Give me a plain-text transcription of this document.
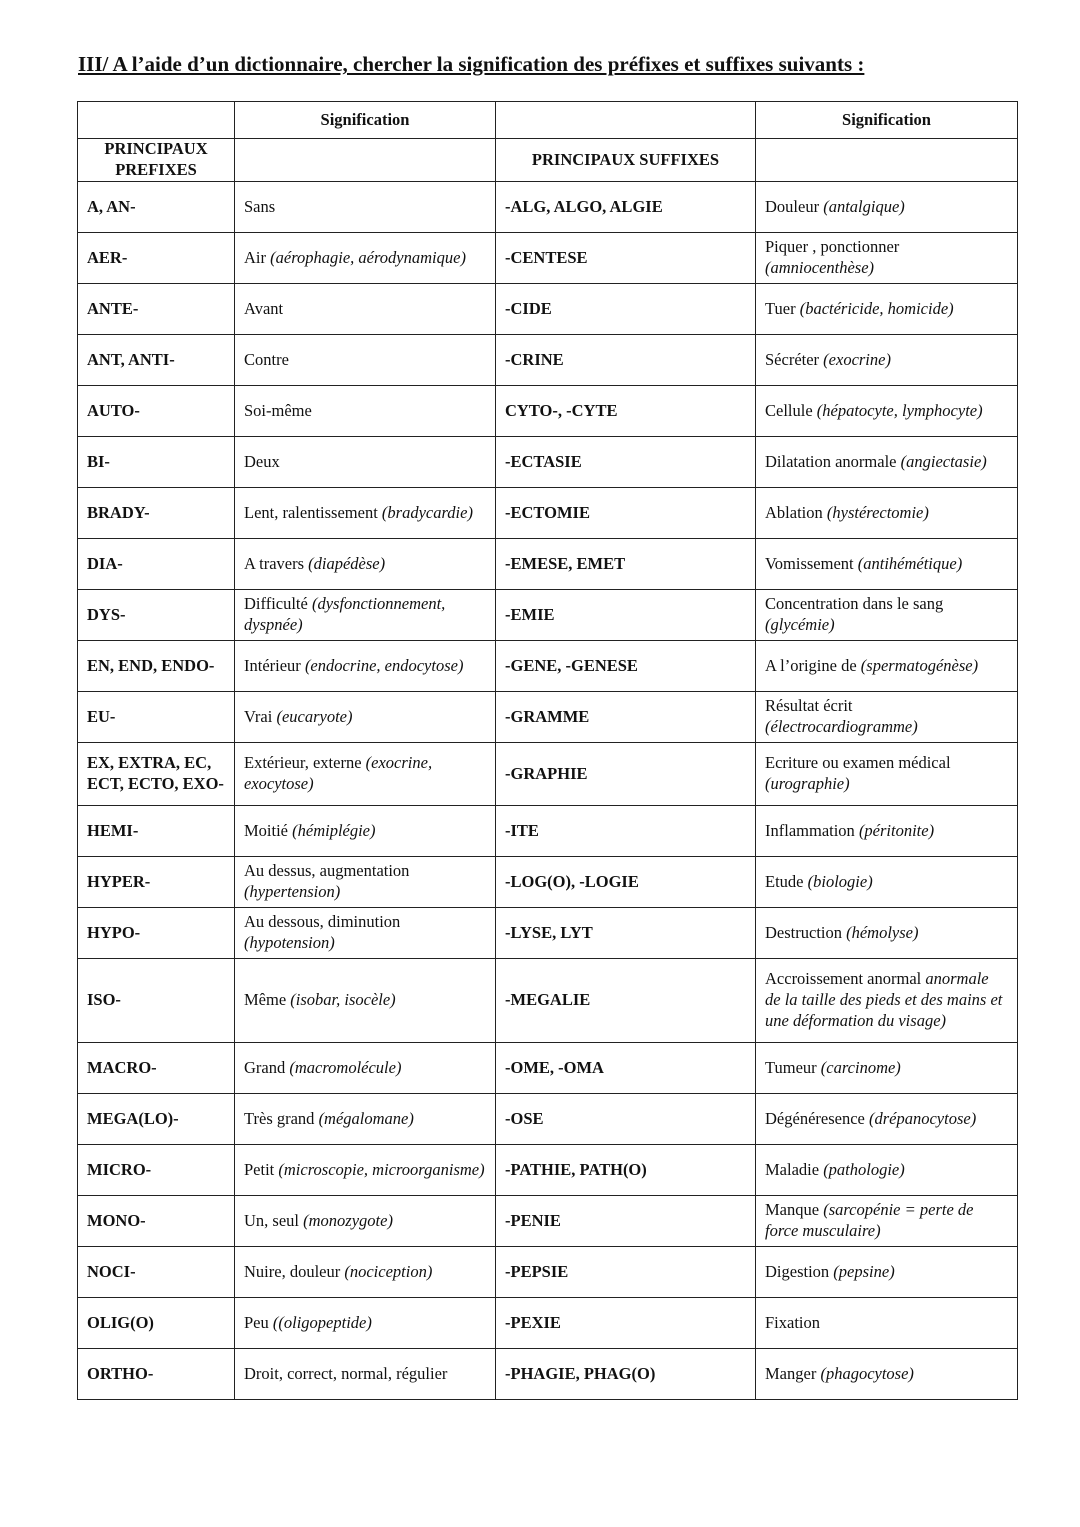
III/ A l’aide d’un dictionnaire, chercher la signification des préfixes et suffixes suivants :
	Signification		Signification
PRINCIPAUX PREFIXES		PRINCIPAUX SUFFIXES	
A, AN-	Sans	-ALG, ALGO, ALGIE	Douleur (antalgique)
AER-	Air (aérophagie, aérodynamique)	-CENTESE	Piquer , ponctionner (amniocenthèse)
ANTE-	Avant	-CIDE	Tuer (bactéricide, homicide)
ANT, ANTI-	Contre	-CRINE	Sécréter (exocrine)
AUTO-	Soi-même	CYTO-, -CYTE	Cellule (hépatocyte, lymphocyte)
BI-	Deux	-ECTASIE	Dilatation anormale (angiectasie)
BRADY-	Lent, ralentissement (bradycardie)	-ECTOMIE	Ablation (hystérectomie)
DIA-	A travers (diapédèse)	-EMESE, EMET	Vomissement (antihémétique)
DYS-	Difficulté (dysfonctionnement, dyspnée)	-EMIE	Concentration dans le sang (glycémie)
EN, END, ENDO-	Intérieur (endocrine, endocytose)	-GENE, -GENESE	A l’origine de (spermatogénèse)
EU-	Vrai (eucaryote)	-GRAMME	Résultat écrit (électrocardiogramme)
EX, EXTRA, EC, ECT, ECTO, EXO-	Extérieur, externe (exocrine, exocytose)	-GRAPHIE	Ecriture ou examen médical (urographie)
HEMI-	Moitié (hémiplégie)	-ITE	Inflammation (péritonite)
HYPER-	Au dessus, augmentation (hypertension)	-LOG(O), -LOGIE	Etude (biologie)
HYPO-	Au dessous, diminution (hypotension)	-LYSE, LYT	Destruction (hémolyse)
ISO-	Même (isobar, isocèle)	-MEGALIE	Accroissement anormal anormale de la taille des pieds et des mains et une déformation du visage)
MACRO-	Grand (macromolécule)	-OME, -OMA	Tumeur (carcinome)
MEGA(LO)-	Très grand (mégalomane)	-OSE	Dégénéresence (drépanocytose)
MICRO-	Petit (microscopie, microorganisme)	-PATHIE, PATH(O)	Maladie (pathologie)
MONO-	Un, seul (monozygote)	-PENIE	Manque (sarcopénie = perte de force musculaire)
NOCI-	Nuire, douleur (nociception)	-PEPSIE	Digestion (pepsine)
OLIG(O)	Peu ((oligopeptide)	-PEXIE	Fixation
ORTHO-	Droit, correct, normal, régulier	-PHAGIE, PHAG(O)	Manger (phagocytose)
